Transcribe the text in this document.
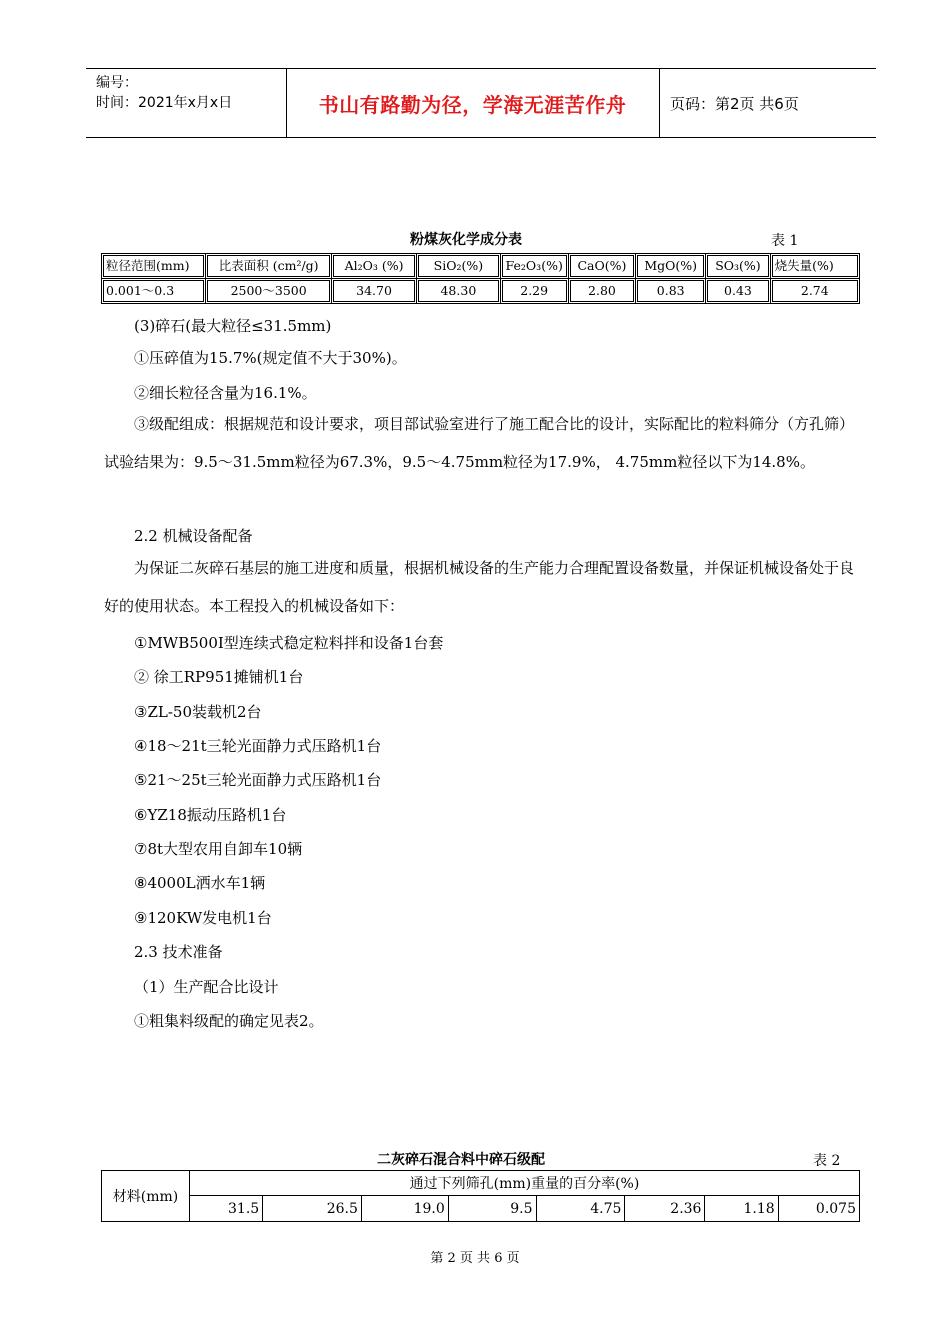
编号：
时间：2021年x月x日	书山有路勤为径，学海无涯苦作舟	页码：第2页 共6页
粉煤灰化学成分表	表 1
粒径范围(mm)	比表面积 (cm²/g)	Al₂O₃ (%)	SiO₂(%)	Fe₂O₃(%)	CaO(%)	MgO(%)	SO₃(%)	烧失量(%)

0.001～0.3	2500～3500	34.70	48.30	2.29	2.80	0.83	0.43	2.74
(3)碎石(最大粒径≤31.5mm)
①压碎值为15.7%(规定值不大于30%)。
②细长粒径含量为16.1%。
③级配组成：根据规范和设计要求，项目部试验室进行了施工配合比的设计，实际配比的粒料筛分（方孔筛）试验结果为：9.5～31.5mm粒径为67.3%，9.5～4.75mm粒径为17.9%， 4.75mm粒径以下为14.8%。
2.2 机械设备配备
为保证二灰碎石基层的施工进度和质量，根据机械设备的生产能力合理配置设备数量，并保证机械设备处于良好的使用状态。本工程投入的机械设备如下：
①MWB500I型连续式稳定粒料拌和设备1台套
② 徐工RP951摊铺机1台
③ZL-50装载机2台
④18～21t三轮光面静力式压路机1台
⑤21～25t三轮光面静力式压路机1台
⑥YZ18振动压路机1台
⑦8t大型农用自卸车10辆
⑧4000L洒水车1辆
⑨120KW发电机1台
2.3 技术准备
（1）生产配合比设计
①粗集料级配的确定见表2。
二灰碎石混合料中碎石级配	表 2
材料(mm)	通过下列筛孔(mm)重量的百分率(%)							
	31.5	26.5	19.0	9.5	4.75	2.36	1.18	0.075
第 2 页 共 6 页
